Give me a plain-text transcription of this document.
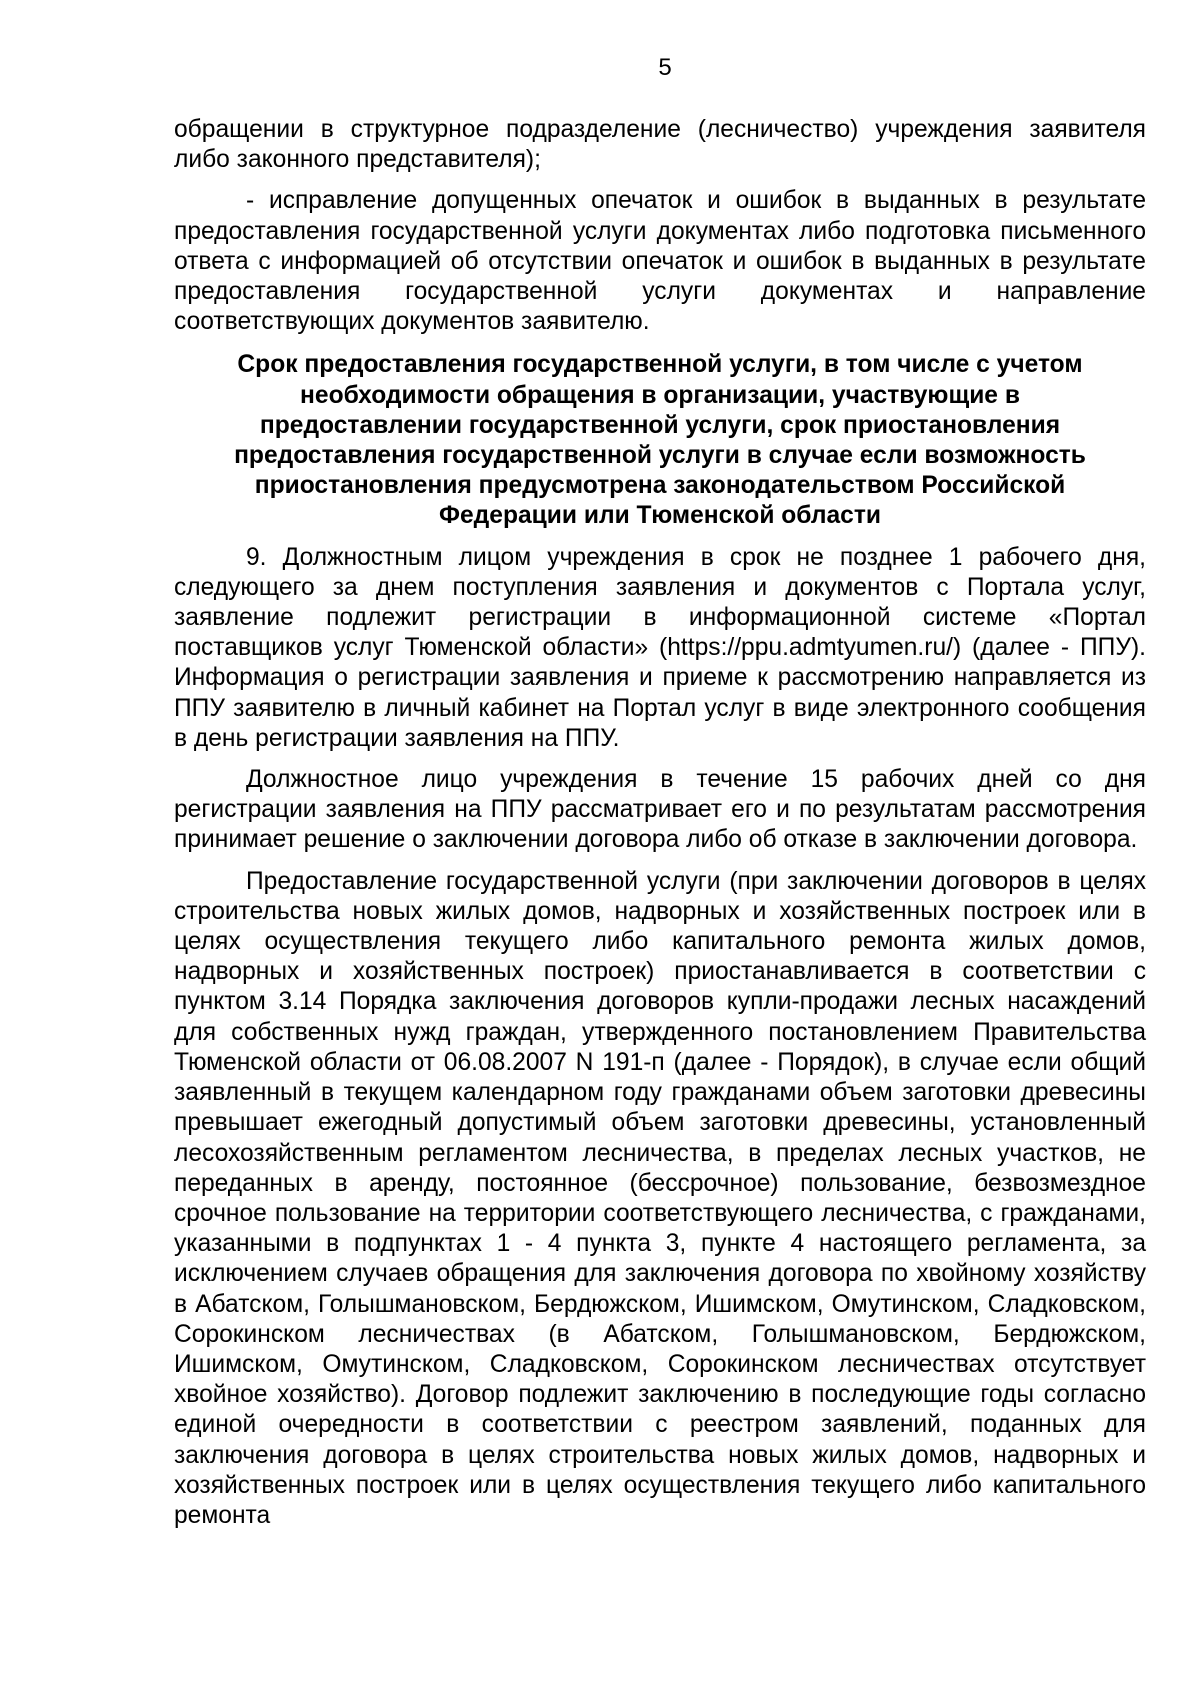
5

обращении в структурное подразделение (лесничество) учреждения заявителя либо законного представителя);

- исправление допущенных опечаток и ошибок в выданных в результате предоставления государственной услуги документах либо подготовка письменного ответа с информацией об отсутствии опечаток и ошибок в выданных в результате предоставления государственной услуги документах и направление соответствующих документов заявителю.

Срок предоставления государственной услуги, в том числе с учетом
необходимости обращения в организации, участвующие в
предоставлении государственной услуги, срок приостановления
предоставления государственной услуги в случае если возможность
приостановления предусмотрена законодательством Российской
Федерации или Тюменской области

9. Должностным лицом учреждения в срок не позднее 1 рабочего дня, следующего за днем поступления заявления и документов с Портала услуг, заявление подлежит регистрации в информационной системе «Портал поставщиков услуг Тюменской области» (https://ppu.admtyumen.ru/) (далее - ППУ). Информация о регистрации заявления и приеме к рассмотрению направляется из ППУ заявителю в личный кабинет на Портал услуг в виде электронного сообщения в день регистрации заявления на ППУ.

Должностное лицо учреждения в течение 15 рабочих дней со дня регистрации заявления на ППУ рассматривает его и по результатам рассмотрения принимает решение о заключении договора либо об отказе в заключении договора.

Предоставление государственной услуги (при заключении договоров в целях строительства новых жилых домов, надворных и хозяйственных построек или в целях осуществления текущего либо капитального ремонта жилых домов, надворных и хозяйственных построек) приостанавливается в соответствии с пунктом 3.14 Порядка заключения договоров купли-продажи лесных насаждений для собственных нужд граждан, утвержденного постановлением Правительства Тюменской области от 06.08.2007 N 191-п (далее - Порядок), в случае если общий заявленный в текущем календарном году гражданами объем заготовки древесины превышает ежегодный допустимый объем заготовки древесины, установленный лесохозяйственным регламентом лесничества, в пределах лесных участков, не переданных в аренду, постоянное (бессрочное) пользование, безвозмездное срочное пользование на территории соответствующего лесничества, с гражданами, указанными в подпунктах 1 - 4 пункта 3, пункте 4 настоящего регламента, за исключением случаев обращения для заключения договора по хвойному хозяйству в Абатском, Голышмановском, Бердюжском, Ишимском, Омутинском, Сладковском, Сорокинском лесничествах (в Абатском, Голышмановском, Бердюжском, Ишимском, Омутинском, Сладковском, Сорокинском лесничествах отсутствует хвойное хозяйство). Договор подлежит заключению в последующие годы согласно единой очередности в соответствии с реестром заявлений, поданных для заключения договора в целях строительства новых жилых домов, надворных и хозяйственных построек или в целях осуществления текущего либо капитального ремонта
